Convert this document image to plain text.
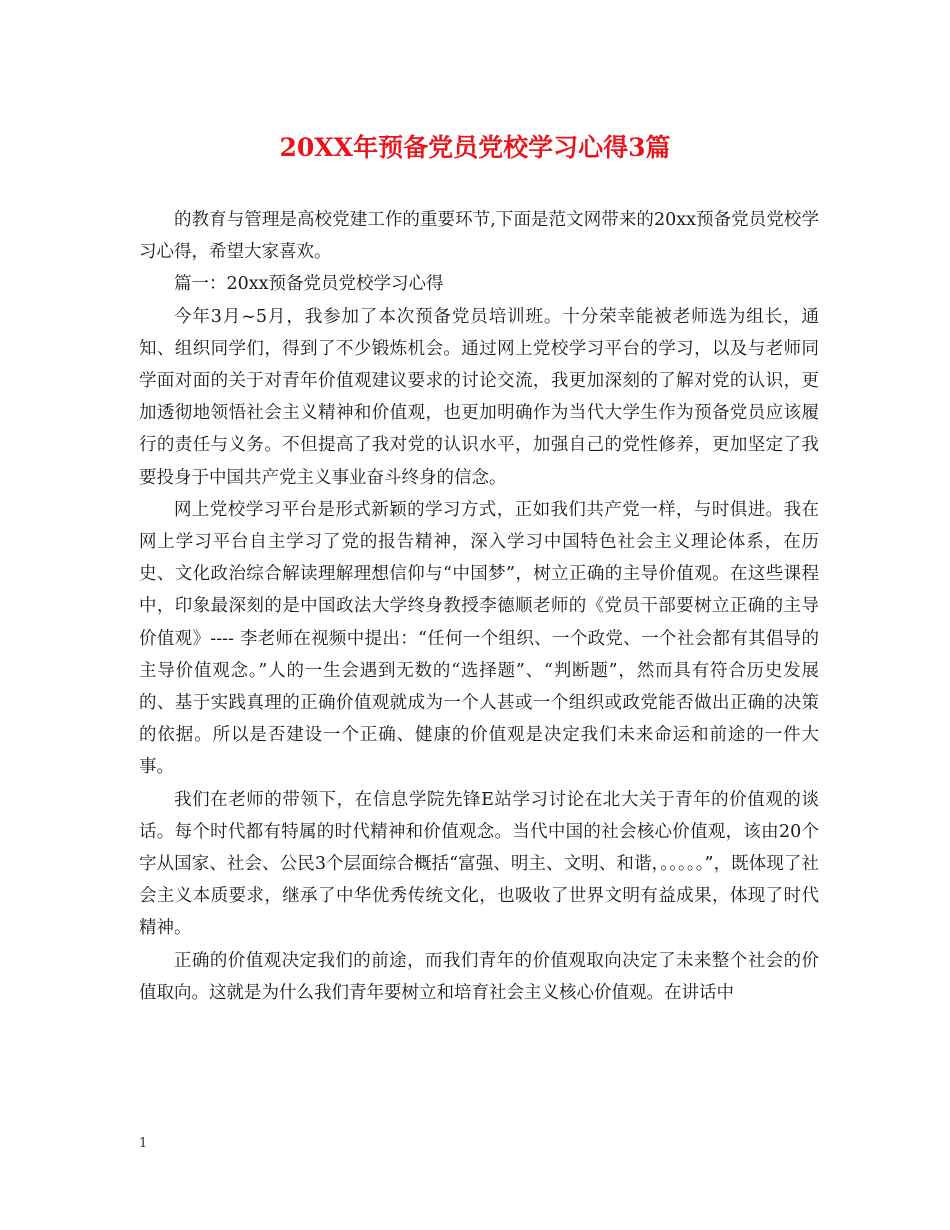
20XX年预备党员党校学习心得3篇

的教育与管理是高校党建工作的重要环节,下面是范文网带来的20xx预备党员党校学习心得，希望大家喜欢。

篇一：20xx预备党员党校学习心得

今年3月~5月，我参加了本次预备党员培训班。十分荣幸能被老师选为组长，通知、组织同学们，得到了不少锻炼机会。通过网上党校学习平台的学习，以及与老师同学面对面的关于对青年价值观建议要求的讨论交流，我更加深刻的了解对党的认识，更加透彻地领悟社会主义精神和价值观，也更加明确作为当代大学生作为预备党员应该履行的责任与义务。不但提高了我对党的认识水平，加强自己的党性修养，更加坚定了我要投身于中国共产党主义事业奋斗终身的信念。

网上党校学习平台是形式新颖的学习方式，正如我们共产党一样，与时俱进。我在网上学习平台自主学习了党的报告精神，深入学习中国特色社会主义理论体系，在历史、文化政治综合解读理解理想信仰与“中国梦”，树立正确的主导价值观。在这些课程中，印象最深刻的是中国政法大学终身教授李德顺老师的《党员干部要树立正确的主导价值观》---- 李老师在视频中提出：“任何一个组织、一个政党、一个社会都有其倡导的主导价值观念。”人的一生会遇到无数的“选择题”、“判断题”，然而具有符合历史发展的、基于实践真理的正确价值观就成为一个人甚或一个组织或政党能否做出正确的决策的依据。所以是否建设一个正确、健康的价值观是决定我们未来命运和前途的一件大事。

我们在老师的带领下，在信息学院先锋E站学习讨论在北大关于青年的价值观的谈话。每个时代都有特属的时代精神和价值观念。当代中国的社会核心价值观，该由20个字从国家、社会、公民3个层面综合概括“富强、明主、文明、和谐，。。。。。”，既体现了社会主义本质要求，继承了中华优秀传统文化，也吸收了世界文明有益成果，体现了时代精神。

正确的价值观决定我们的前途，而我们青年的价值观取向决定了未来整个社会的价值取向。这就是为什么我们青年要树立和培育社会主义核心价值观。在讲话中

1
